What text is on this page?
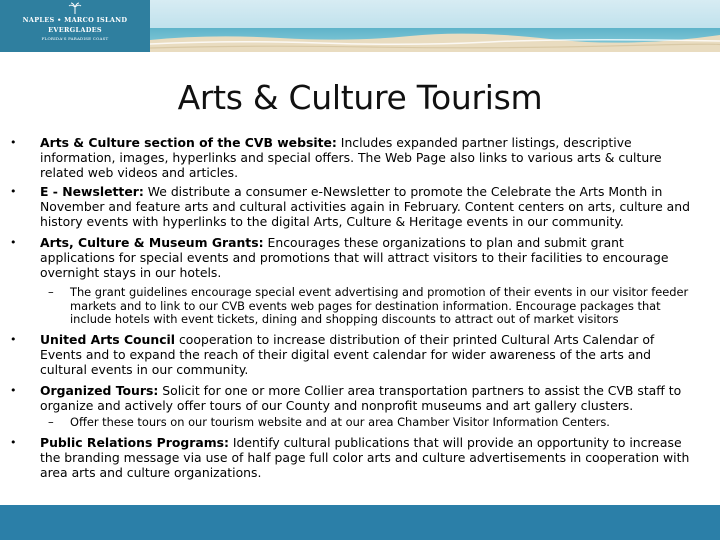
NAPLES • MARCO ISLAND
EVERGLADES
FLORIDA'S PARADISE COAST
Arts & Culture Tourism
• Arts & Culture section of the CVB website: Includes expanded partner listings, descriptive information, images, hyperlinks and special offers. The Web Page also links to various arts & culture related web videos and articles.
• E - Newsletter: We distribute a consumer e-Newsletter to promote the Celebrate the Arts Month in November and feature arts and cultural activities again in February. Content centers on arts, culture and history events with hyperlinks to the digital Arts, Culture & Heritage events in our community.
• Arts, Culture & Museum Grants: Encourages these organizations to plan and submit grant applications for special events and promotions that will attract visitors to their facilities to encourage overnight stays in our hotels.
– The grant guidelines encourage special event advertising and promotion of their events in our visitor feeder markets and to link to our CVB events web pages for destination information. Encourage packages that include hotels with event tickets, dining and shopping discounts to attract out of market visitors
• United Arts Council cooperation to increase distribution of their printed Cultural Arts Calendar of Events and to expand the reach of their digital event calendar for wider awareness of the arts and cultural events in our community.
• Organized Tours: Solicit for one or more Collier area transportation partners to assist the CVB staff to organize and actively offer tours of our County and nonprofit museums and art gallery clusters.
– Offer these tours on our tourism website and at our area Chamber Visitor Information Centers.
• Public Relations Programs: Identify cultural publications that will provide an opportunity to increase the branding message via use of half page full color arts and culture advertisements in cooperation with area arts and culture organizations.
